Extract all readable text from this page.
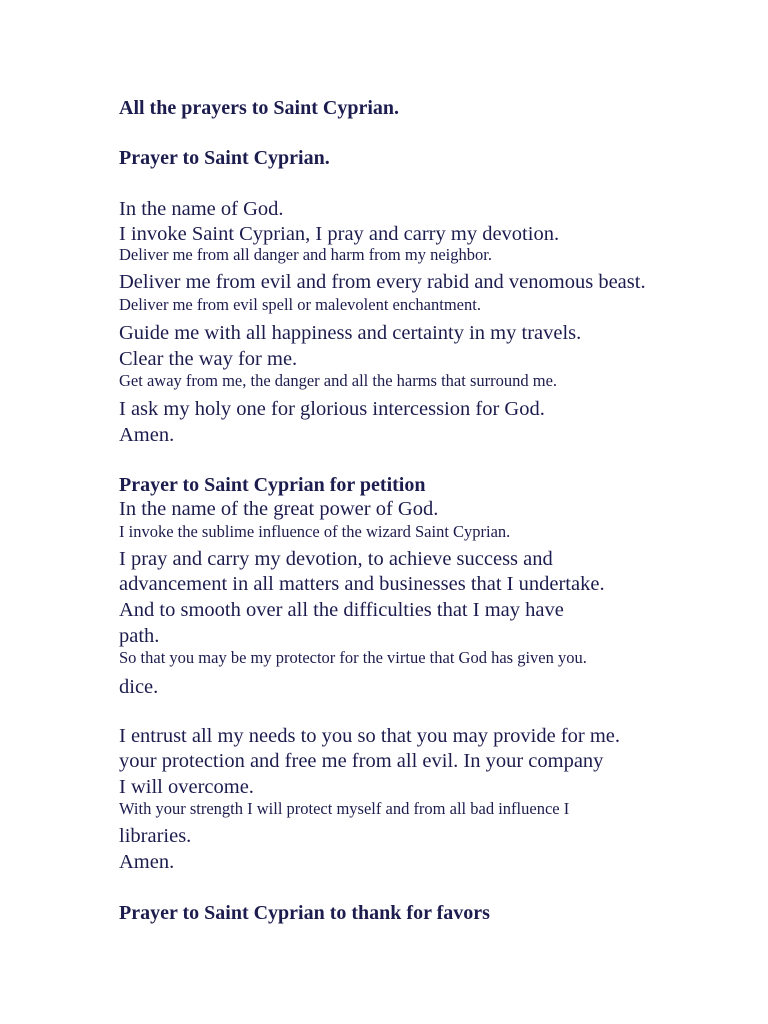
All the prayers to Saint Cyprian.
Prayer to Saint Cyprian.
In the name of God.
I invoke Saint Cyprian, I pray and carry my devotion.
Deliver me from all danger and harm from my neighbor.
Deliver me from evil and from every rabid and venomous beast.
Deliver me from evil spell or malevolent enchantment.
Guide me with all happiness and certainty in my travels.
Clear the way for me.
Get away from me, the danger and all the harms that surround me.
I ask my holy one for glorious intercession for God.
Amen.
Prayer to Saint Cyprian for petition
In the name of the great power of God.
I invoke the sublime influence of the wizard Saint Cyprian.
I pray and carry my devotion, to achieve success and
advancement in all matters and businesses that I undertake.
And to smooth over all the difficulties that I may have
path.
So that you may be my protector for the virtue that God has given you.
dice.
I entrust all my needs to you so that you may provide for me.
your protection and free me from all evil. In your company
I will overcome.
With your strength I will protect myself and from all bad influence I
libraries.
Amen.
Prayer to Saint Cyprian to thank for favors
